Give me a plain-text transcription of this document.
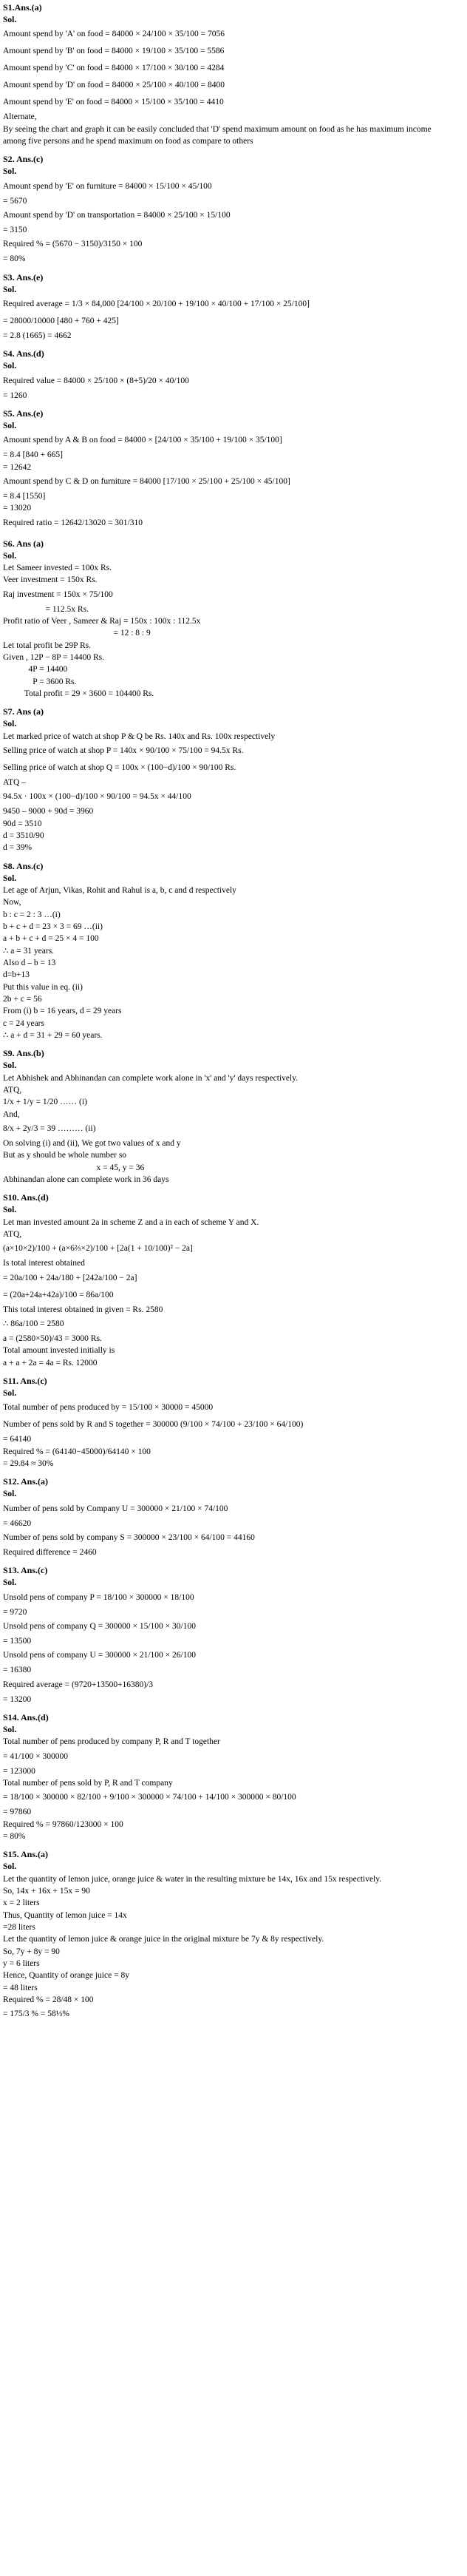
S1.Ans.(a)
Sol.
Amount spend by 'A' on food = 84000 × 24/100 × 35/100 = 7056
Amount spend by 'B' on food = 84000 × 19/100 × 35/100 = 5586
Amount spend by 'C' on food = 84000 × 17/100 × 30/100 = 4284
Amount spend by 'D' on food = 84000 × 25/100 × 40/100 = 8400
Amount spend by 'E' on food = 84000 × 15/100 × 35/100 = 4410
Alternate,
By seeing the chart and graph it can be easily concluded that 'D' spend maximum amount on food as he has maximum income among five persons and he spend maximum on food as compare to others
S2. Ans.(c)
Sol.
Amount spend by 'E' on furniture = 84000 × 15/100 × 45/100
= 5670
Amount spend by 'D' on transportation = 84000 × 25/100 × 15/100
= 3150
Required % = (5670 − 3150)/3150 × 100
= 80%
S3. Ans.(e)
Sol.
Required average = 1/3 × 84,000 [24/100 × 20/100 + 19/100 × 40/100 + 17/100 × 25/100]
= 28000/10000 [480 + 760 + 425]
= 2.8 (1665) = 4662
S4. Ans.(d)
Sol.
Required value = 84000 × 25/100 × (8+5)/20 × 40/100
= 1260
S5. Ans.(e)
Sol.
Amount spend by A & B on food = 84000 × [24/100 × 35/100 + 19/100 × 35/100]
= 8.4 [840 + 665]
= 12642
Amount spend by C & D on furniture = 84000 [17/100 × 25/100 + 25/100 × 45/100]
= 8.4 [1550]
= 13020
Required ratio = 12642/13020 = 301/310
S6. Ans (a)
Sol.
Let Sameer invested = 100x Rs.
Veer investment = 150x Rs.
Raj investment = 150x × 75/100
= 112.5x Rs.
Profit ratio of Veer , Sameer & Raj = 150x : 100x : 112.5x
= 12 : 8 : 9
Let total profit be 29P Rs.
Given , 12P − 8P = 14400 Rs.
4P = 14400
P = 3600 Rs.
Total profit = 29 × 3600 = 104400 Rs.
S7. Ans (a)
Sol.
Let marked price of watch at shop P & Q be Rs. 140x and Rs. 100x respectively
Selling price of watch at shop P = 140x × 90/100 × 75/100 = 94.5x Rs.
Selling price of watch at shop Q = 100x × (100−d)/100 × 90/100 Rs.
ATQ –
94.5x · 100x × (100−d)/100 × 90/100 = 94.5x × 44/100
9450 – 9000 + 90d = 3960
90d = 3510
d = 3510/90
d = 39%
S8. Ans.(c)
Sol.
Let age of Arjun, Vikas, Rohit and Rahul is a, b, c and d respectively
Now,
b : c = 2 : 3 …(i)
b + c + d = 23 × 3 = 69 …(ii)
a + b + c + d = 25 × 4 = 100
∴ a = 31 years.
Also d – b = 13
d=b+13
Put this value in eq. (ii)
2b + c = 56
From (i) b = 16 years, d = 29 years
c = 24 years
∴ a + d = 31 + 29 = 60 years.
S9. Ans.(b)
Sol.
Let Abhishek and Abhinandan can complete work alone in 'x' and 'y' days respectively.
ATQ,
1/x + 1/y = 1/20 …… (i)
And,
8/x + 2y/3 = 39 ……… (ii)
On solving (i) and (ii), We got two values of x and y
But as y should be whole number so
x = 45, y = 36
Abhinandan alone can complete work in 36 days
S10. Ans.(d)
Sol.
Let man invested amount 2a in scheme Z and a in each of scheme Y and X.
ATQ,
(a×10×2)/100 + (a×6⅔×2)/100 + [2a(1 + 10/100)² − 2a]
Is total interest obtained
= 20a/100 + 24a/180 + [242a/100 − 2a]
= (20a+24a+42a)/100 = 86a/100
This total interest obtained in given = Rs. 2580
∴ 86a/100 = 2580
a = (2580×50)/43 = 3000 Rs.
Total amount invested initially is
a + a + 2a = 4a = Rs. 12000
S11. Ans.(c)
Sol.
Total number of pens produced by = 15/100 × 30000 = 45000
Number of pens sold by R and S together = 300000 (9/100 × 74/100 + 23/100 × 64/100)
= 64140
Required % = (64140−45000)/64140 × 100
= 29.84 ≈ 30%
S12. Ans.(a)
Sol.
Number of pens sold by Company U = 300000 × 21/100 × 74/100
= 46620
Number of pens sold by company S = 300000 × 23/100 × 64/100 = 44160
Required difference = 2460
S13. Ans.(c)
Sol.
Unsold pens of company P = 18/100 × 300000 × 18/100
= 9720
Unsold pens of company Q = 300000 × 15/100 × 30/100
= 13500
Unsold pens of company U = 300000 × 21/100 × 26/100
= 16380
Required average = (9720+13500+16380)/3
= 13200
S14. Ans.(d)
Sol.
Total number of pens produced by company P, R and T together
= 41/100 × 300000
= 123000
Total number of pens sold by P, R and T company
= 18/100 × 300000 × 82/100 + 9/100 × 300000 × 74/100 + 14/100 × 300000 × 80/100
= 97860
Required % = 97860/123000 × 100
= 80%
S15. Ans.(a)
Sol.
Let the quantity of lemon juice, orange juice & water in the resulting mixture be 14x, 16x and 15x respectively.
So, 14x + 16x + 15x = 90
x = 2 liters
Thus, Quantity of lemon juice = 14x
=28 liters
Let the quantity of lemon juice & orange juice in the original mixture be 7y & 8y respectively.
So, 7y + 8y = 90
y = 6 liters
Hence, Quantity of orange juice = 8y
= 48 liters
Required % = 28/48 × 100
= 175/3 % = 58⅓%
